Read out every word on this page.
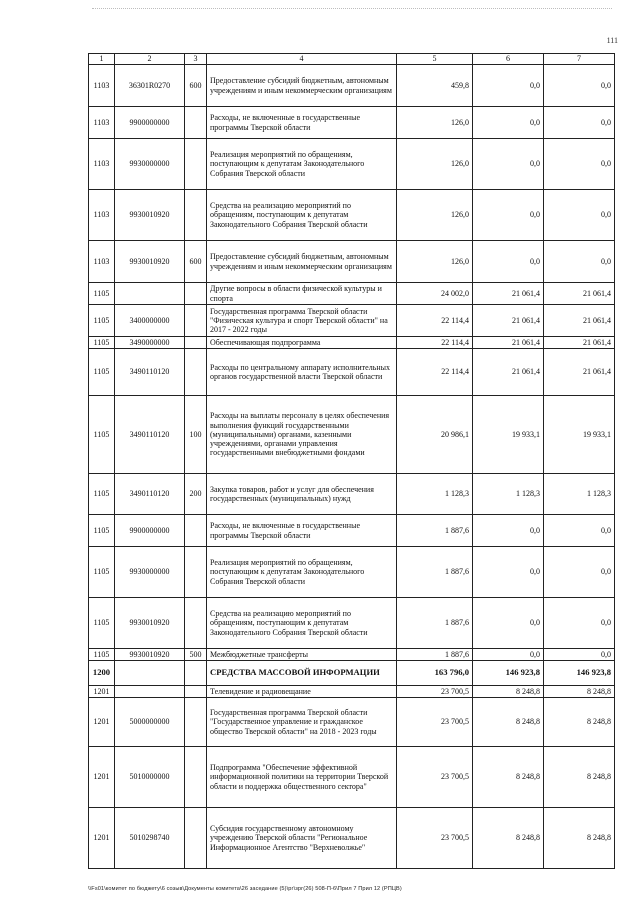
111
1	2	3	4	5	6	7
1103	36301R0270	600	Предоставление субсидий бюджетным, автономным учреждениям и иным некоммерческим организациям	459,8	0,0	0,0
1103	9900000000		Расходы, не включенные в государственные программы Тверской области	126,0	0,0	0,0
1103	9930000000		Реализация мероприятий по обращениям, поступающим к депутатам Законодательного Собрания Тверской области	126,0	0,0	0,0
1103	9930010920		Средства на реализацию мероприятий по обращениям, поступающим к депутатам Законодательного Собрания Тверской области	126,0	0,0	0,0
1103	9930010920	600	Предоставление субсидий бюджетным, автономным учреждениям и иным некоммерческим организациям	126,0	0,0	0,0
1105			Другие вопросы в области физической культуры и спорта	24 002,0	21 061,4	21 061,4
1105	3400000000		Государственная программа Тверской области "Физическая культура и спорт Тверской области" на 2017 - 2022 годы	22 114,4	21 061,4	21 061,4
1105	3490000000		Обеспечивающая подпрограмма	22 114,4	21 061,4	21 061,4
1105	3490110120		Расходы по центральному аппарату исполнительных органов государственной власти Тверской области	22 114,4	21 061,4	21 061,4
1105	3490110120	100	Расходы на выплаты персоналу в целях обеспечения выполнения функций государственными (муниципальными) органами, казенными учреждениями, органами управления государственными внебюджетными фондами	20 986,1	19 933,1	19 933,1
1105	3490110120	200	Закупка товаров, работ и услуг для обеспечения государственных (муниципальных) нужд	1 128,3	1 128,3	1 128,3
1105	9900000000		Расходы, не включенные в государственные программы Тверской области	1 887,6	0,0	0,0
1105	9930000000		Реализация мероприятий по обращениям, поступающим к депутатам Законодательного Собрания Тверской области	1 887,6	0,0	0,0
1105	9930010920		Средства на реализацию мероприятий по обращениям, поступающим к депутатам Законодательного Собрания Тверской области	1 887,6	0,0	0,0
1105	9930010920	500	Межбюджетные трансферты	1 887,6	0,0	0,0
1200			СРЕДСТВА МАССОВОЙ ИНФОРМАЦИИ	163 796,0	146 923,8	146 923,8
1201			Телевидение и радиовещание	23 700,5	8 248,8	8 248,8
1201	5000000000		Государственная программа Тверской области "Государственное управление и гражданское общество Тверской области" на 2018 - 2023 годы	23 700,5	8 248,8	8 248,8
1201	5010000000		Подпрограмма "Обеспечение эффективной информационной политики на территории Тверской области и поддержка общественного сектора"	23 700,5	8 248,8	8 248,8
1201	5010298740		Субсидия государственному автономному учреждению Тверской области "Региональное Информационное Агентство "Верхневолжье"	23 700,5	8 248,8	8 248,8
\\Fs01\комитет по бюджету\6 созыв\Документы комитета\26 заседание (5)\рг\зрг(26) 508-П-6\Прил 7 Прил 12 (РПЦВ)
